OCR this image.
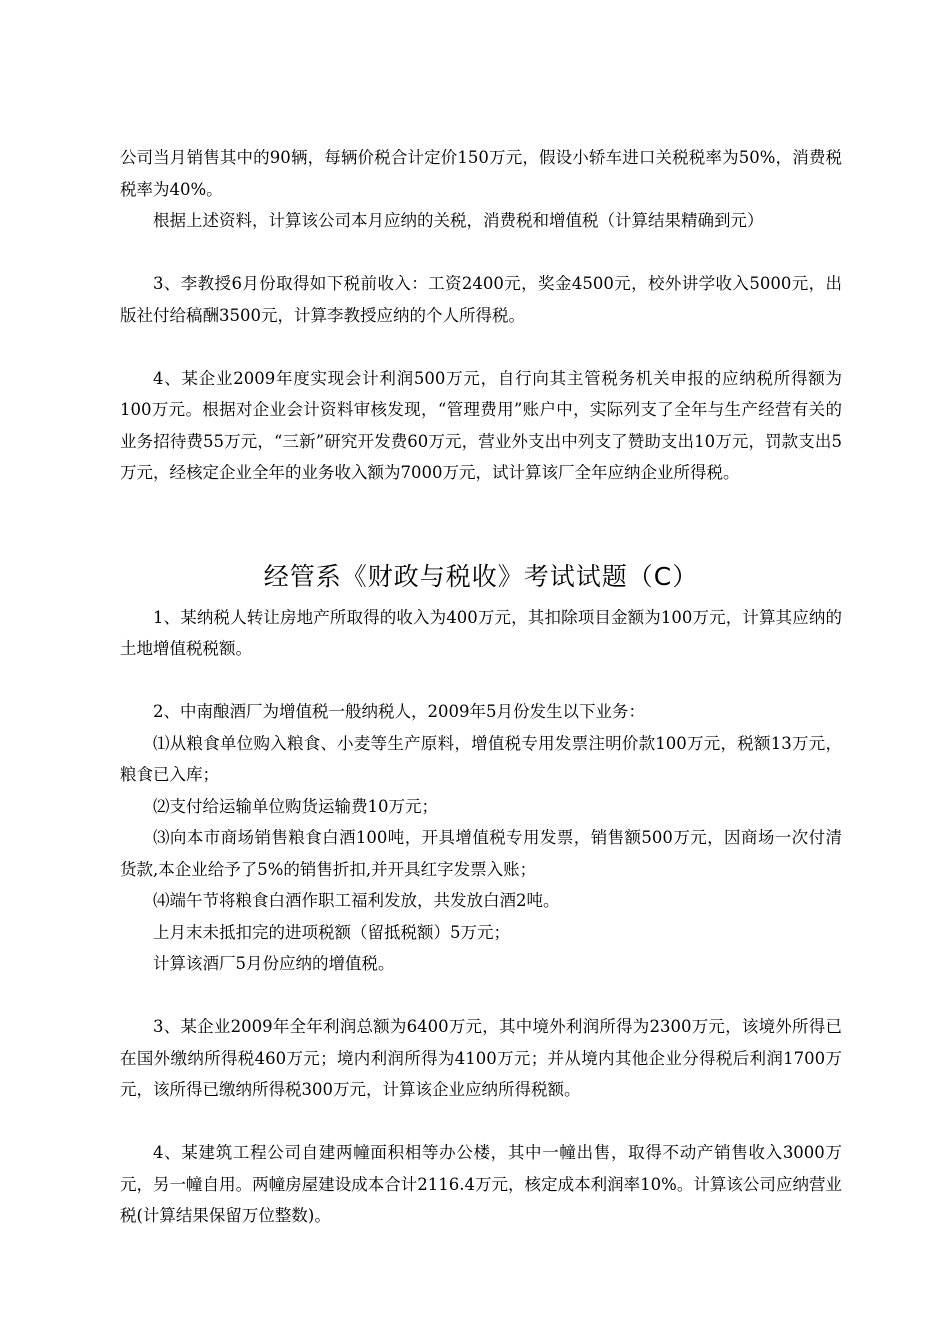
公司当月销售其中的90辆，每辆价税合计定价150万元，假设小轿车进口关税税率为50%，消费税税率为40%。

根据上述资料，计算该公司本月应纳的关税，消费税和增值税（计算结果精确到元）

3、李教授6月份取得如下税前收入：工资2400元，奖金4500元，校外讲学收入5000元，出版社付给稿酬3500元，计算李教授应纳的个人所得税。

4、某企业2009年度实现会计利润500万元，自行向其主管税务机关申报的应纳税所得额为100万元。根据对企业会计资料审核发现，“管理费用”账户中，实际列支了全年与生产经营有关的业务招待费55万元，“三新”研究开发费60万元，营业外支出中列支了赞助支出10万元，罚款支出5万元，经核定企业全年的业务收入额为7000万元，试计算该厂全年应纳企业所得税。

经管系《财政与税收》考试试题（C）

1、某纳税人转让房地产所取得的收入为400万元，其扣除项目金额为100万元，计算其应纳的土地增值税税额。

2、中南酿酒厂为增值税一般纳税人，2009年5月份发生以下业务：

⑴从粮食单位购入粮食、小麦等生产原料，增值税专用发票注明价款100万元，税额13万元，粮食已入库；

⑵支付给运输单位购货运输费10万元；

⑶向本市商场销售粮食白酒100吨，开具增值税专用发票，销售额500万元，因商场一次付清货款,本企业给予了5%的销售折扣,并开具红字发票入账；

⑷端午节将粮食白酒作职工福利发放，共发放白酒2吨。

上月末未抵扣完的进项税额（留抵税额）5万元；

计算该酒厂5月份应纳的增值税。

3、某企业2009年全年利润总额为6400万元，其中境外利润所得为2300万元，该境外所得已在国外缴纳所得税460万元；境内利润所得为4100万元；并从境内其他企业分得税后利润1700万元，该所得已缴纳所得税300万元，计算该企业应纳所得税额。

4、某建筑工程公司自建两幢面积相等办公楼，其中一幢出售，取得不动产销售收入3000万元，另一幢自用。两幢房屋建设成本合计2116.4万元，核定成本利润率10%。计算该公司应纳营业税(计算结果保留万位整数)。
